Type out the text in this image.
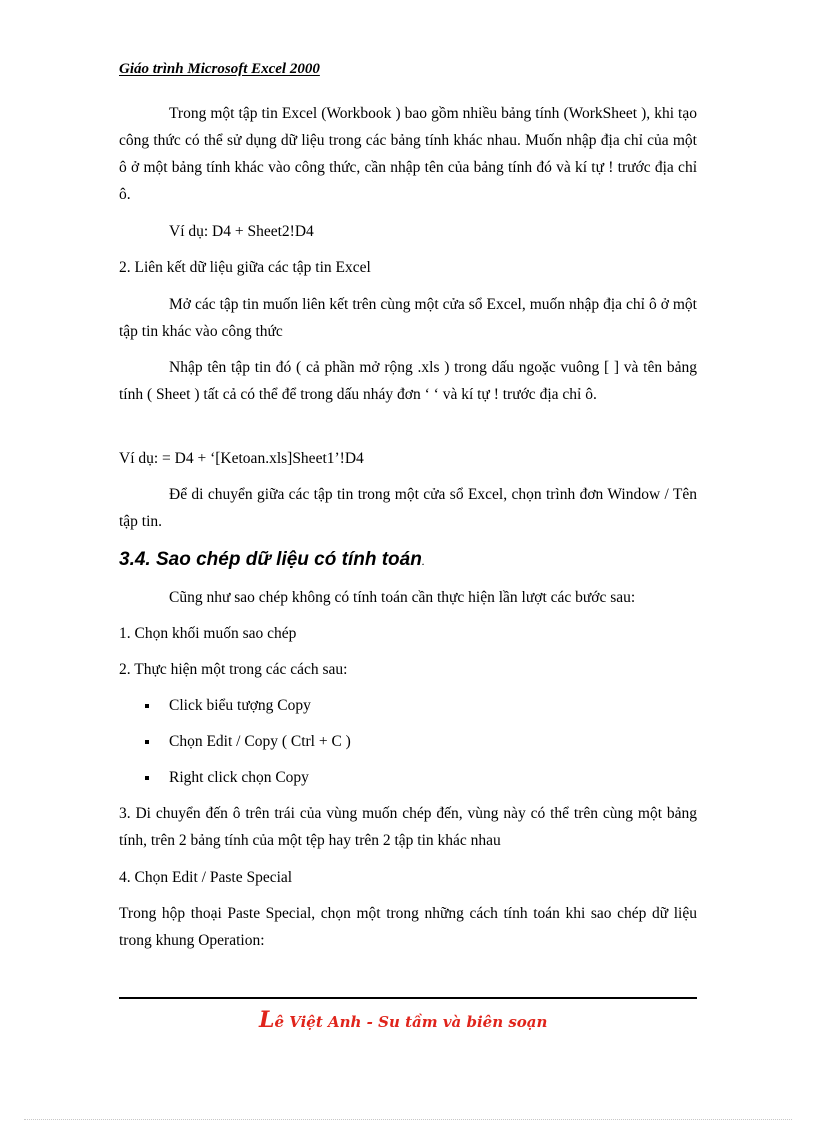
Giáo trình Microsoft Excel 2000

Trong một tập tin Excel (Workbook ) bao gồm nhiều bảng tính (WorkSheet ), khi tạo công thức có thể sử dụng dữ liệu trong các bảng tính khác nhau. Muốn nhập địa chỉ của một ô ở một bảng tính khác vào công thức, cần nhập tên của bảng tính đó và kí tự ! trước địa chỉ ô.

Ví dụ: D4 + Sheet2!D4

2. Liên kết dữ liệu giữa các tập tin Excel

Mở các tập tin muốn liên kết trên cùng một cửa sổ Excel, muốn nhập địa chỉ ô ở một tập tin khác vào công thức

Nhập tên tập tin đó ( cả phần mở rộng .xls ) trong dấu ngoặc vuông [ ] và tên bảng tính ( Sheet ) tất cả có thể để trong dấu nháy đơn ‘ ‘ và kí tự ! trước địa chỉ ô.

Ví dụ: = D4 + ‘[Ketoan.xls]Sheet1’!D4

Để di chuyển giữa các tập tin trong một cửa sổ Excel, chọn trình đơn Window / Tên tập tin.

3.4. Sao chép dữ liệu có tính toán.

Cũng như sao chép không có tính toán cần thực hiện lần lượt các bước sau:

1. Chọn khối muốn sao chép

2. Thực hiện một trong các cách sau:

Click biểu tượng Copy
Chọn Edit / Copy ( Ctrl + C )
Right click chọn Copy

3. Di chuyển đến ô trên trái của vùng muốn chép đến, vùng này có thể trên cùng một bảng tính, trên 2 bảng tính của một tệp hay trên 2 tập tin khác nhau

4. Chọn Edit / Paste Special

Trong hộp thoại Paste Special, chọn một trong những cách tính toán khi sao chép dữ liệu trong khung Operation:

Lê Việt Anh - Su tầm và biên soạn
